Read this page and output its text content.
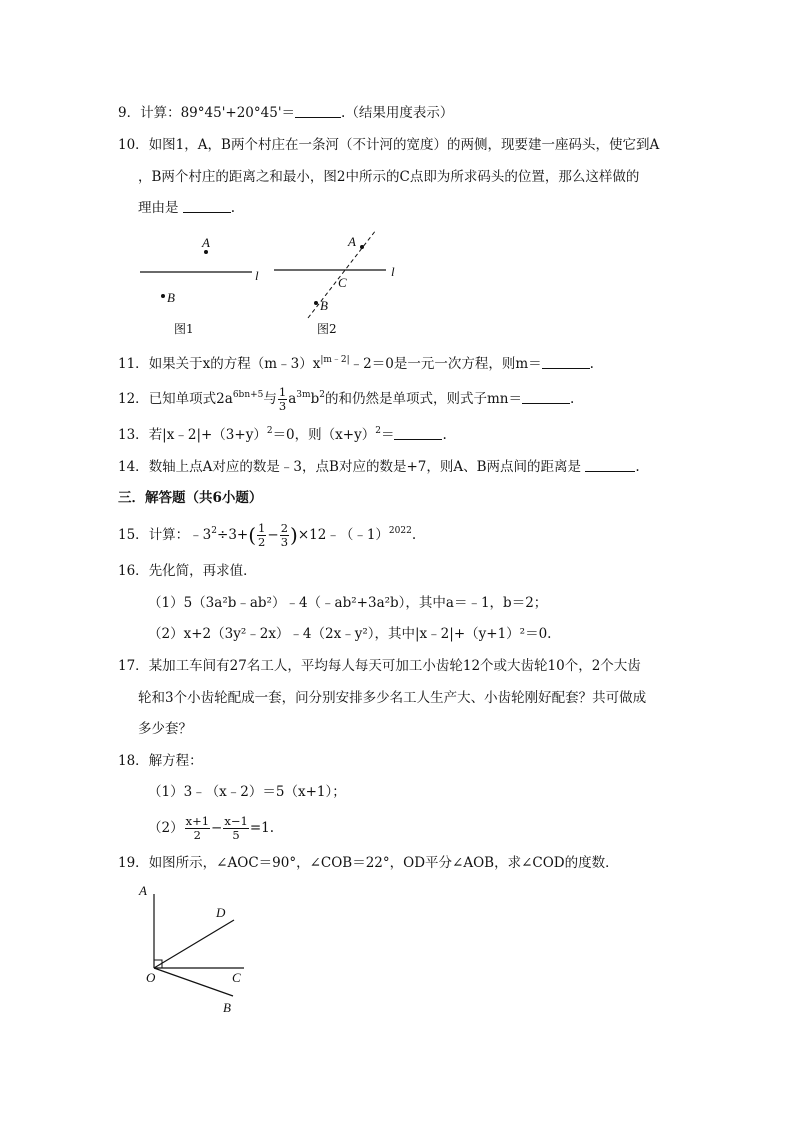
9．计算：89°45'+20°45'＝	.（结果用度表示）
10．如图1，A，B两个村庄在一条河（不计河的宽度）的两侧，现要建一座码头，使它到A
，B两个村庄的距离之和最小，图2中所示的C点即为所求码头的位置，那么这样做的
理由是	.
A
B
l
图1
A
B
C
l
图2
11．如果关于x的方程$(m﹣3)x^{|m﹣2|}﹣2=0$是一元一次方程，则m＝	.
12．已知单项式$2a^{6bn+5}$与 $\frac{1}{3} a^{3m}b^2$的和仍然是单项式，则式子mn＝	.
13．若$|x﹣2|+(3+y)^2=0$，则$(x+y)^2=$	.
14．数轴上点A对应的数是﹣3，点B对应的数是+7，则A、B两点间的距离是	.
三．解答题（共6小题）
15．计算：$﹣3^2\div 3+( \frac{1}{2} - \frac{2}{3}$ )×12﹣（﹣1）$^{2022}$.
16．先化简，再求值．
（1）5（3a²b﹣ab²）﹣4（﹣ab²+3a²b），其中a＝﹣1，b＝2；
（2）x+2（3y²﹣2x）﹣4（2x﹣y²），其中|x﹣2|+（y+1）²＝0.
17．某加工车间有27名工人，平均每人每天可加工小齿轮12个或大齿轮10个，2个大齿
轮和3个小齿轮配成一套，问分别安排多少名工人生产大、小齿轮刚好配套？共可做成
多少套？
18．解方程：
（1）3﹣（x﹣2）＝5（x+1）；
$(2) \frac{x+1}{2} - \frac{x-1}{5} =1$.
19．如图所示，∠AOC＝90°，∠COB＝22°，OD平分∠AOB，求∠COD的度数．
A
D
O	C
B
